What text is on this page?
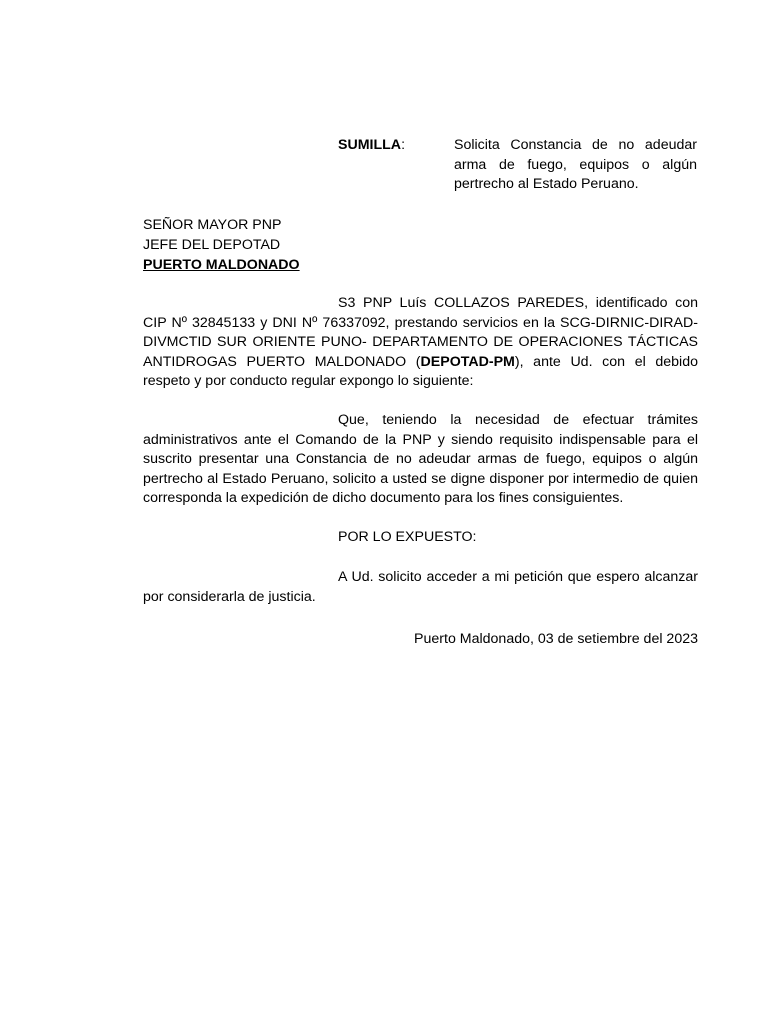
SUMILLA:	Solicita Constancia de no adeudar arma de fuego, equipos o algún pertrecho al Estado Peruano.
SEÑOR MAYOR PNP
JEFE DEL DEPOTAD
PUERTO MALDONADO
S3 PNP Luís COLLAZOS PAREDES, identificado con CIP Nº 32845133 y DNI Nº 76337092, prestando servicios en la SCG-DIRNIC-DIRAD-DIVMCTID SUR ORIENTE PUNO- DEPARTAMENTO DE OPERACIONES TÁCTICAS ANTIDROGAS PUERTO MALDONADO (DEPOTAD-PM), ante Ud. con el debido respeto y por conducto regular expongo lo siguiente:
Que, teniendo la necesidad de efectuar trámites administrativos ante el Comando de la PNP y siendo requisito indispensable para el suscrito presentar una Constancia de no adeudar armas de fuego, equipos o algún pertrecho al Estado Peruano, solicito a usted se digne disponer por intermedio de quien corresponda la expedición de dicho documento para los fines consiguientes.
POR LO EXPUESTO:
A Ud. solicito acceder a mi petición que espero alcanzar por considerarla de justicia.
Puerto Maldonado, 03 de setiembre del 2023
